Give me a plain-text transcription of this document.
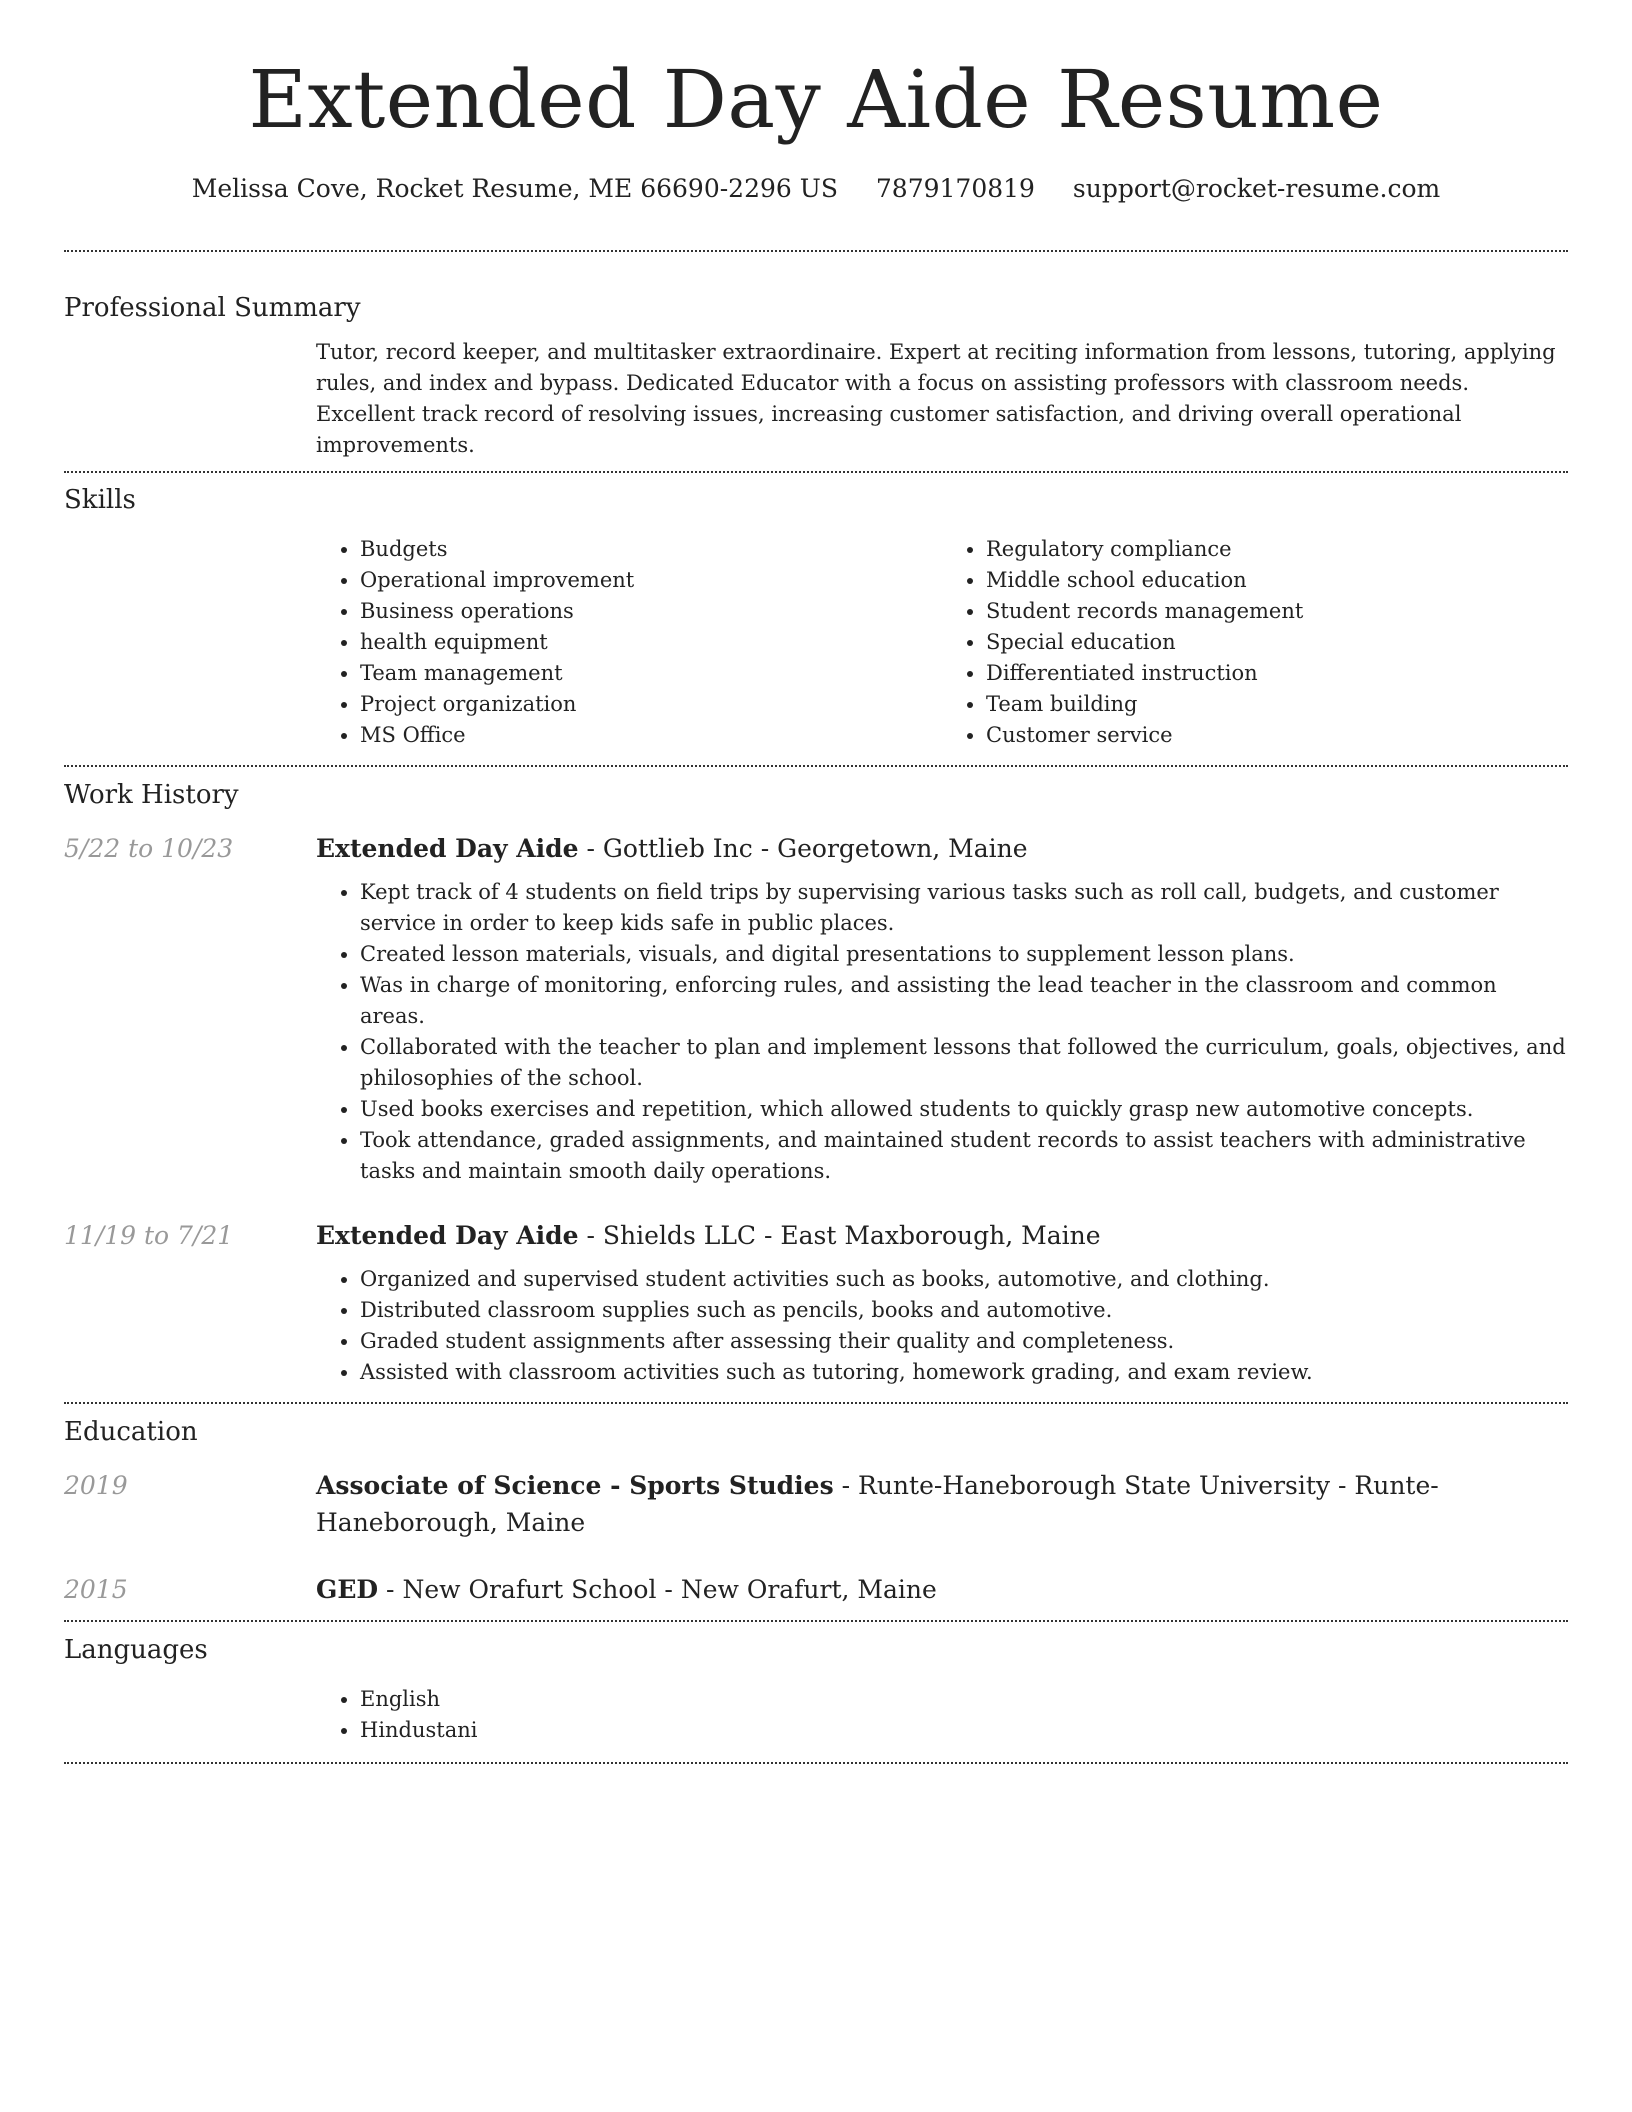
Extended Day Aide Resume
Melissa Cove, Rocket Resume, ME 66690-2296 US 7879170819 support@rocket-resume.com
Professional Summary
Tutor, record keeper, and multitasker extraordinaire. Expert at reciting information from lessons, tutoring, applying rules, and index and bypass. Dedicated Educator with a focus on assisting professors with classroom needs. Excellent track record of resolving issues, increasing customer satisfaction, and driving overall operational improvements.
Skills
• Budgets
• Operational improvement
• Business operations
• health equipment
• Team management
• Project organization
• MS Office
• Regulatory compliance
• Middle school education
• Student records management
• Special education
• Differentiated instruction
• Team building
• Customer service
Work History
5/22 to 10/23	Extended Day Aide - Gottlieb Inc - Georgetown, Maine
• Kept track of 4 students on field trips by supervising various tasks such as roll call, budgets, and customer service in order to keep kids safe in public places.
• Created lesson materials, visuals, and digital presentations to supplement lesson plans.
• Was in charge of monitoring, enforcing rules, and assisting the lead teacher in the classroom and common areas.
• Collaborated with the teacher to plan and implement lessons that followed the curriculum, goals, objectives, and philosophies of the school.
• Used books exercises and repetition, which allowed students to quickly grasp new automotive concepts.
• Took attendance, graded assignments, and maintained student records to assist teachers with administrative tasks and maintain smooth daily operations.
11/19 to 7/21	Extended Day Aide - Shields LLC - East Maxborough, Maine
• Organized and supervised student activities such as books, automotive, and clothing.
• Distributed classroom supplies such as pencils, books and automotive.
• Graded student assignments after assessing their quality and completeness.
• Assisted with classroom activities such as tutoring, homework grading, and exam review.
Education
2019	Associate of Science - Sports Studies - Runte-Haneborough State University - Runte-Haneborough, Maine
2015	GED - New Orafurt School - New Orafurt, Maine
Languages
• English
• Hindustani
